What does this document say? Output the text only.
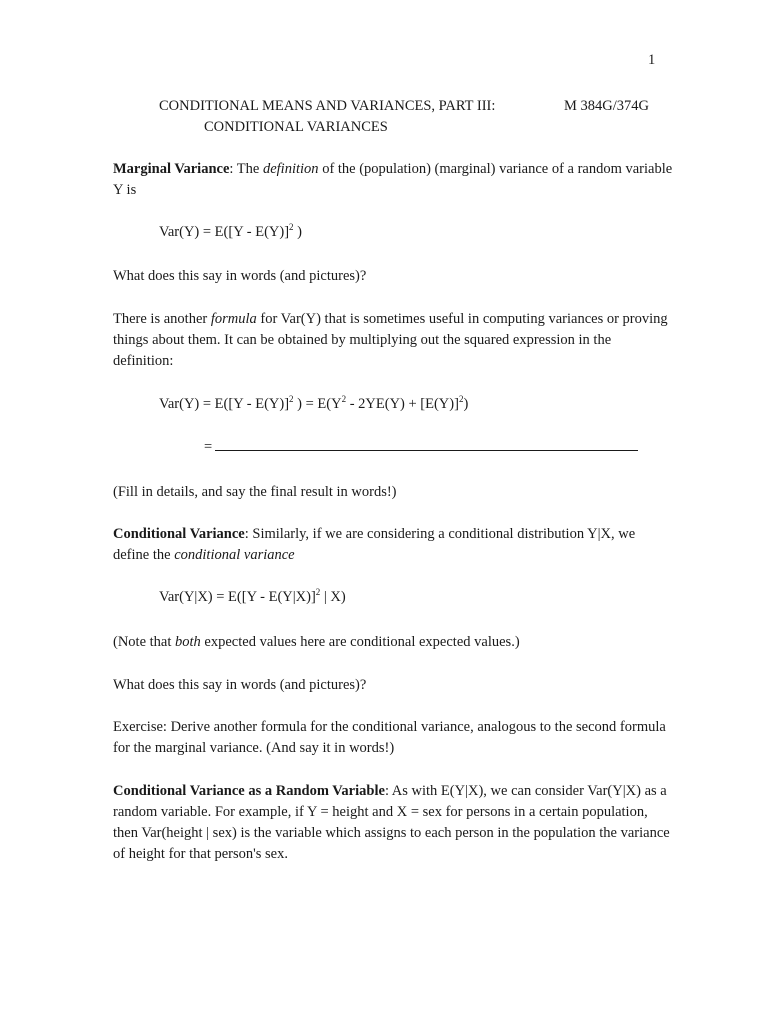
1
CONDITIONAL MEANS AND VARIANCES, PART III:	M 384G/374G
CONDITIONAL VARIANCES
Marginal Variance: The definition of the (population) (marginal) variance of a random variable Y is
Var(Y) = E([Y - E(Y)]$^2$ )
What does this say in words (and pictures)?
There is another formula for Var(Y) that is sometimes useful in computing variances or proving things about them. It can be obtained by multiplying out the squared expression in the definition:
Var(Y) = E([Y - E(Y)]$^2$ ) = $E(Y^2 - 2YE(Y) + [E(Y)]^2)$
=
(Fill in details, and say the final result in words!)
Conditional Variance: Similarly, if we are considering a conditional distribution Y|X, we define the conditional variance
Var(Y|X) = E([Y - E(Y|X)]$^2$ | X)
(Note that both expected values here are conditional expected values.)
What does this say in words (and pictures)?
Exercise: Derive another formula for the conditional variance, analogous to the second formula for the marginal variance. (And say it in words!)
Conditional Variance as a Random Variable: As with E(Y|X), we can consider Var(Y|X) as a random variable. For example, if Y = height and X = sex for persons in a certain population, then Var(height | sex) is the variable which assigns to each person in the population the variance of height for that person's sex.
